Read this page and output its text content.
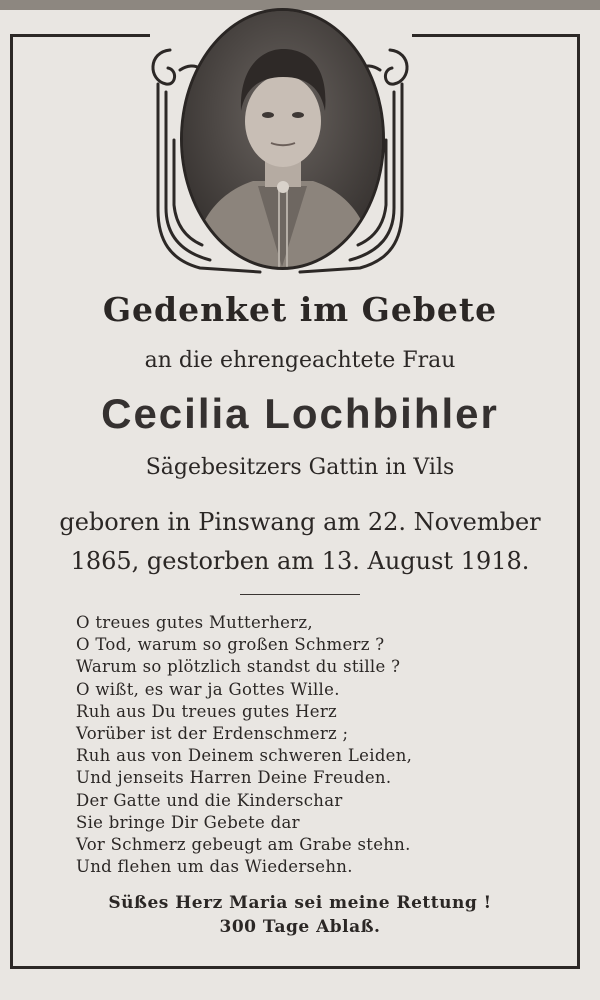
Gedenket im Gebete
an die ehrengeachtete Frau
Cecilia Lochbihler
Sägebesitzers Gattin in Vils
geboren in Pinswang am 22. November
1865, gestorben am 13. August 1918.
O treues gutes Mutterherz,
O Tod, warum so großen Schmerz ?
Warum so plötzlich standst du stille ?
O wißt, es war ja Gottes Wille.
Ruh aus Du treues gutes Herz
Vorüber ist der Erdenschmerz ;
Ruh aus von Deinem schweren Leiden,
Und jenseits Harren Deine Freuden.
Der Gatte und die Kinderschar
Sie bringe Dir Gebete dar
Vor Schmerz gebeugt am Grabe stehn.
Und flehen um das Wiedersehn.
Süßes Herz Maria sei meine Rettung !
300 Tage Ablaß.
